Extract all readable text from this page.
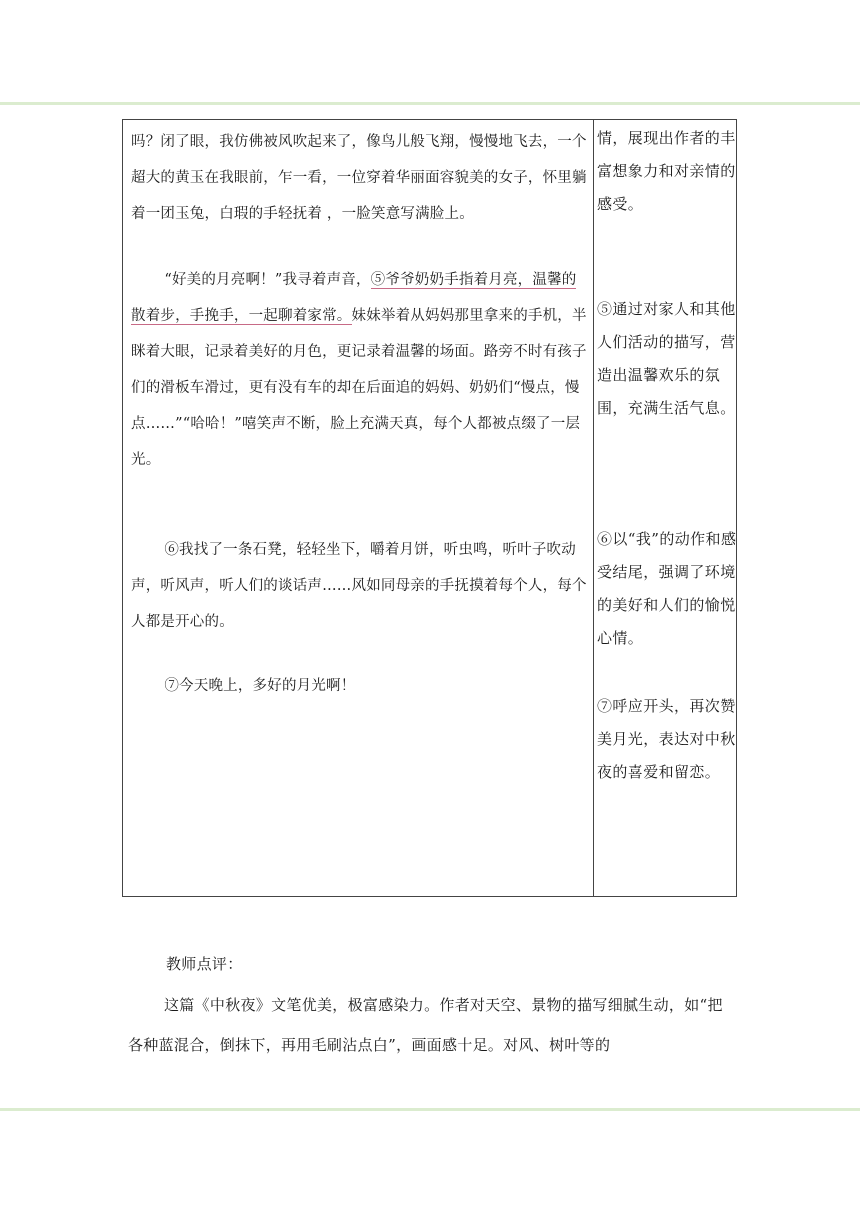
吗？闭了眼，我仿佛被风吹起来了，像鸟儿般飞翔，慢慢地飞去，一个超大的黄玉在我眼前，乍一看，一位穿着华丽面容貌美的女子，怀里躺着一团玉兔，白瑕的手轻抚着 ，一脸笑意写满脸上。

“好美的月亮啊！”我寻着声音，⑤爷爷奶奶手指着月亮，温馨的散着步，手挽手，一起聊着家常。妹妹举着从妈妈那里拿来的手机，半眯着大眼，记录着美好的月色，更记录着温馨的场面。路旁不时有孩子们的滑板车滑过，更有没有车的却在后面追的妈妈、奶奶们“慢点，慢点……”“哈哈！”嘻笑声不断，脸上充满天真，每个人都被点缀了一层光。

⑥我找了一条石凳，轻轻坐下，嚼着月饼，听虫鸣，听叶子吹动声，听风声，听人们的谈话声……风如同母亲的手抚摸着每个人，每个人都是开心的。

⑦今天晚上，多好的月光啊！

情，展现出作者的丰富想象力和对亲情的感受。

⑤通过对家人和其他人们活动的描写，营造出温馨欢乐的氛围，充满生活气息。

⑥以“我”的动作和感受结尾，强调了环境的美好和人们的愉悦心情。

⑦呼应开头，再次赞美月光，表达对中秋夜的喜爱和留恋。

教师点评：

这篇《中秋夜》文笔优美，极富感染力。作者对天空、景物的描写细腻生动，如“把各种蓝混合，倒抹下，再用毛刷沾点白”，画面感十足。对风、树叶等的
